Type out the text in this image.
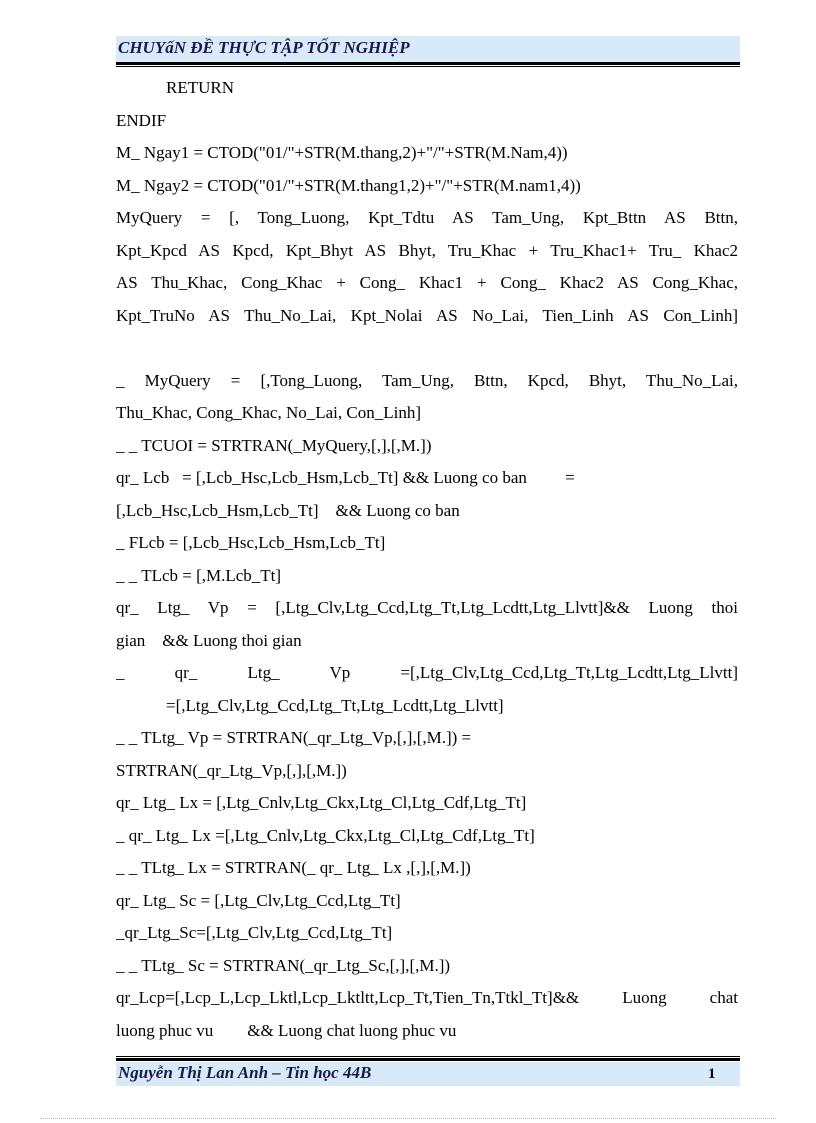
CHUYấN ĐỀ THỰC TẬP TỐT NGHIỆP
RETURN
ENDIF
M_ Ngay1 = CTOD("01/"+STR(M.thang,2)+"/"+STR(M.Nam,4))
M_ Ngay2 = CTOD("01/"+STR(M.thang1,2)+"/"+STR(M.nam1,4))
MyQuery = [, Tong_Luong, Kpt_Tdtu AS Tam_Ung, Kpt_Bttn AS Bttn,
Kpt_Kpcd AS Kpcd, Kpt_Bhyt AS Bhyt, Tru_Khac + Tru_Khac1+ Tru_ Khac2
AS Thu_Khac, Cong_Khac + Cong_ Khac1 + Cong_ Khac2 AS Cong_Khac,
Kpt_TruNo AS Thu_No_Lai, Kpt_Nolai AS No_Lai, Tien_Linh AS Con_Linh]
_ MyQuery = [,Tong_Luong, Tam_Ung, Bttn, Kpcd, Bhyt, Thu_No_Lai,
Thu_Khac, Cong_Khac, No_Lai, Con_Linh]
_ _ TCUOI = STRTRAN(_MyQuery,[,],[,M.])
qr_ Lcb   = [,Lcb_Hsc,Lcb_Hsm,Lcb_Tt] && Luong co ban         =
[,Lcb_Hsc,Lcb_Hsm,Lcb_Tt]    && Luong co ban
_ FLcb = [,Lcb_Hsc,Lcb_Hsm,Lcb_Tt]
_ _ TLcb = [,M.Lcb_Tt]
qr_ Ltg_ Vp = [,Ltg_Clv,Ltg_Ccd,Ltg_Tt,Ltg_Lcdtt,Ltg_Llvtt]&& Luong thoi
gian    && Luong thoi gian
_ qr_ Ltg_ Vp =[,Ltg_Clv,Ltg_Ccd,Ltg_Tt,Ltg_Lcdtt,Ltg_Llvtt]
=[,Ltg_Clv,Ltg_Ccd,Ltg_Tt,Ltg_Lcdtt,Ltg_Llvtt]
_ _ TLtg_ Vp = STRTRAN(_qr_Ltg_Vp,[,],[,M.]) =
STRTRAN(_qr_Ltg_Vp,[,],[,M.])
qr_ Ltg_ Lx = [,Ltg_Cnlv,Ltg_Ckx,Ltg_Cl,Ltg_Cdf,Ltg_Tt]
_ qr_ Ltg_ Lx =[,Ltg_Cnlv,Ltg_Ckx,Ltg_Cl,Ltg_Cdf,Ltg_Tt]
_ _ TLtg_ Lx = STRTRAN(_ qr_ Ltg_ Lx ,[,],[,M.])
qr_ Ltg_ Sc = [,Ltg_Clv,Ltg_Ccd,Ltg_Tt]
_qr_Ltg_Sc=[,Ltg_Clv,Ltg_Ccd,Ltg_Tt]
_ _ TLtg_ Sc = STRTRAN(_qr_Ltg_Sc,[,],[,M.])
qr_Lcp=[,Lcp_L,Lcp_Lktl,Lcp_Lktltt,Lcp_Tt,Tien_Tn,Ttkl_Tt]&& Luong chat
luong phuc vu        && Luong chat luong phuc vu
Nguyễn Thị Lan Anh – Tin học 44B	1
